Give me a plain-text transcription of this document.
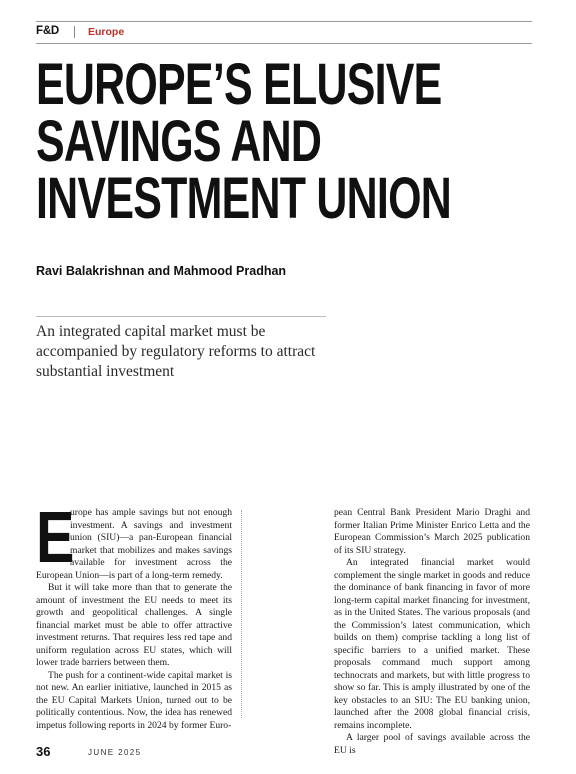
F&D	Europe
EUROPE’S ELUSIVE
SAVINGS AND
INVESTMENT UNION
Ravi Balakrishnan and Mahmood Pradhan
An integrated capital market must be accompanied by regulatory reforms to attract substantial investment

E
urope has ample savings but not enough investment. A savings and investment union (SIU)—a pan-European financial market that mobilizes and makes savings available for investment across the European Union—is part of a long-term remedy.

But it will take more than that to generate the amount of investment the EU needs to meet its growth and geopolitical challenges. A single financial market must be able to offer attractive investment returns. That requires less red tape and uniform regulation across EU states, which will lower trade barriers between them.

The push for a continent-wide capital market is not new. An earlier initiative, launched in 2015 as the EU Capital Markets Union, turned out to be politically contentious. Now, the idea has renewed impetus following reports in 2024 by former Euro-

pean Central Bank President Mario Draghi and former Italian Prime Minister Enrico Letta and the European Commission’s March 2025 publication of its SIU strategy.

An integrated financial market would complement the single market in goods and reduce the dominance of bank financing in favor of more long-term capital market financing for investment, as in the United States. The various proposals (and the Commission’s latest communication, which builds on them) comprise tackling a long list of specific barriers to a unified market. These proposals command much support among technocrats and markets, but with little progress to show so far. This is amply illustrated by one of the key obstacles to an SIU: The EU banking union, launched after the 2008 global financial crisis, remains incomplete.

A larger pool of savings available across the EU is

36	JUNE 2025
